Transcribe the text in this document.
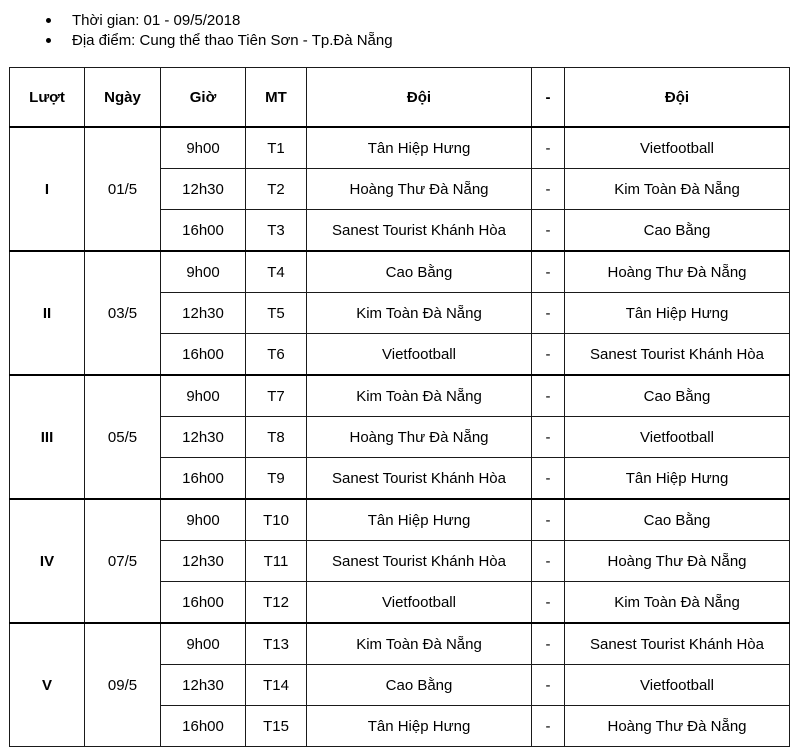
Thời gian: 01 - 09/5/2018
Địa điểm: Cung thể thao Tiên Sơn - Tp.Đà Nẵng
Lượt	Ngày	Giờ	MT	Đội	-	Đội
I	01/5	9h00	T1	Tân Hiệp Hưng	-	Vietfootball
		12h30	T2	Hoàng Thư Đà Nẵng	-	Kim Toàn Đà Nẵng
		16h00	T3	Sanest Tourist Khánh Hòa	-	Cao Bằng
II	03/5	9h00	T4	Cao Bằng	-	Hoàng Thư Đà Nẵng
		12h30	T5	Kim Toàn Đà Nẵng	-	Tân Hiệp Hưng
		16h00	T6	Vietfootball	-	Sanest Tourist Khánh Hòa
III	05/5	9h00	T7	Kim Toàn Đà Nẵng	-	Cao Bằng
		12h30	T8	Hoàng Thư Đà Nẵng	-	Vietfootball
		16h00	T9	Sanest Tourist Khánh Hòa	-	Tân Hiệp Hưng
IV	07/5	9h00	T10	Tân Hiệp Hưng	-	Cao Bằng
		12h30	T11	Sanest Tourist Khánh Hòa	-	Hoàng Thư Đà Nẵng
		16h00	T12	Vietfootball	-	Kim Toàn Đà Nẵng
V	09/5	9h00	T13	Kim Toàn Đà Nẵng	-	Sanest Tourist Khánh Hòa
		12h30	T14	Cao Bằng	-	Vietfootball
		16h00	T15	Tân Hiệp Hưng	-	Hoàng Thư Đà Nẵng
